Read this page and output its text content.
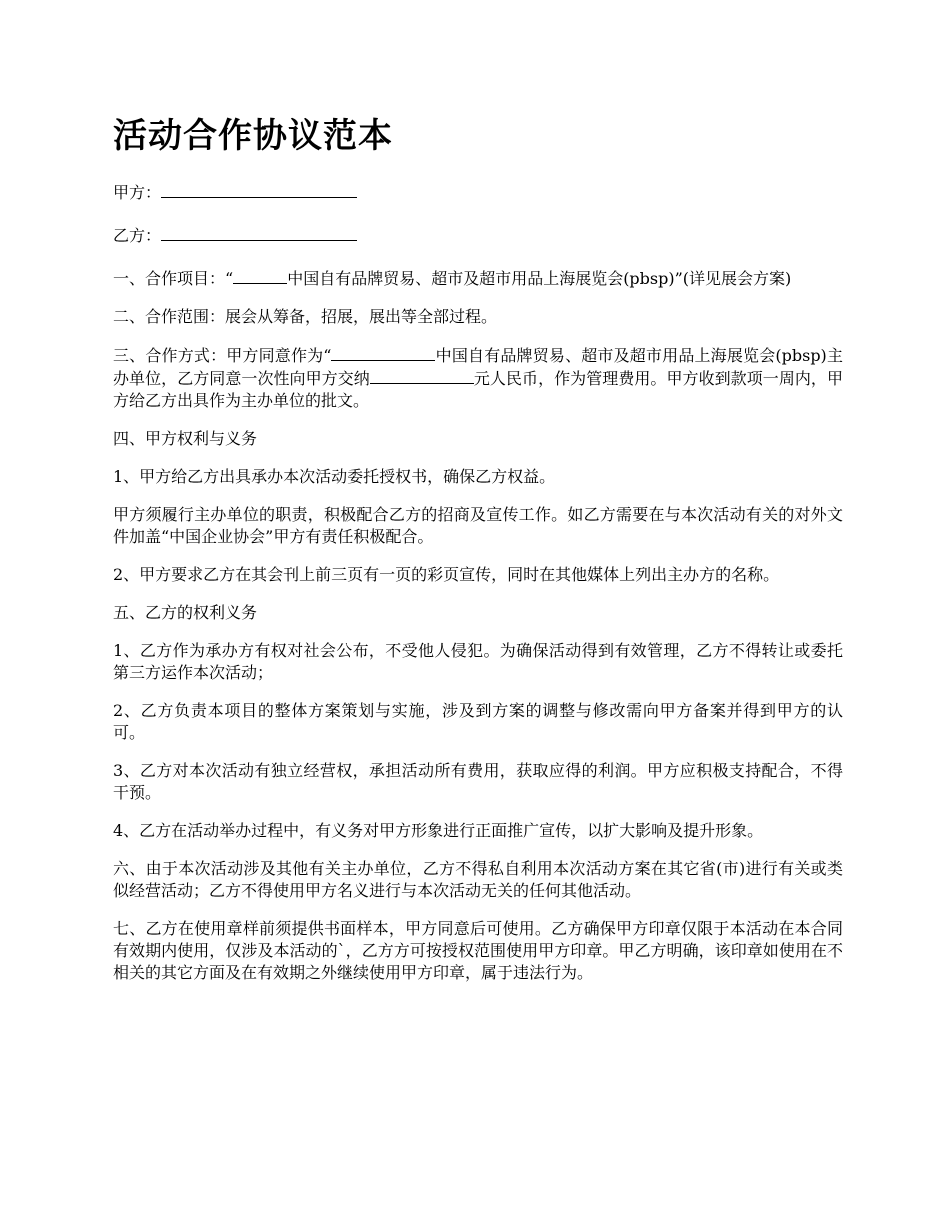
活动合作协议范本

甲方：

乙方：

一、合作项目：“	中国自有品牌贸易、超市及超市用品上海展览会(pbsp)”(详见展会方案)

二、合作范围：展会从筹备，招展，展出等全部过程。

三、合作方式：甲方同意作为“	中国自有品牌贸易、超市及超市用品上海展览会(pbsp)主办单位，乙方同意一次性向甲方交纳	元人民币，作为管理费用。甲方收到款项一周内，甲方给乙方出具作为主办单位的批文。

四、甲方权利与义务

1、甲方给乙方出具承办本次活动委托授权书，确保乙方权益。

甲方须履行主办单位的职责，积极配合乙方的招商及宣传工作。如乙方需要在与本次活动有关的对外文件加盖“中国企业协会”甲方有责任积极配合。

2、甲方要求乙方在其会刊上前三页有一页的彩页宣传，同时在其他媒体上列出主办方的名称。

五、乙方的权利义务

1、乙方作为承办方有权对社会公布，不受他人侵犯。为确保活动得到有效管理，乙方不得转让或委托第三方运作本次活动；

2、乙方负责本项目的整体方案策划与实施，涉及到方案的调整与修改需向甲方备案并得到甲方的认可。

3、乙方对本次活动有独立经营权，承担活动所有费用，获取应得的利润。甲方应积极支持配合，不得干预。

4、乙方在活动举办过程中，有义务对甲方形象进行正面推广宣传，以扩大影响及提升形象。

六、由于本次活动涉及其他有关主办单位，乙方不得私自利用本次活动方案在其它省(市)进行有关或类似经营活动；乙方不得使用甲方名义进行与本次活动无关的任何其他活动。

七、乙方在使用章样前须提供书面样本，甲方同意后可使用。乙方确保甲方印章仅限于本活动在本合同有效期内使用，仅涉及本活动的`，乙方方可按授权范围使用甲方印章。甲乙方明确，该印章如使用在不相关的其它方面及在有效期之外继续使用甲方印章，属于违法行为。
